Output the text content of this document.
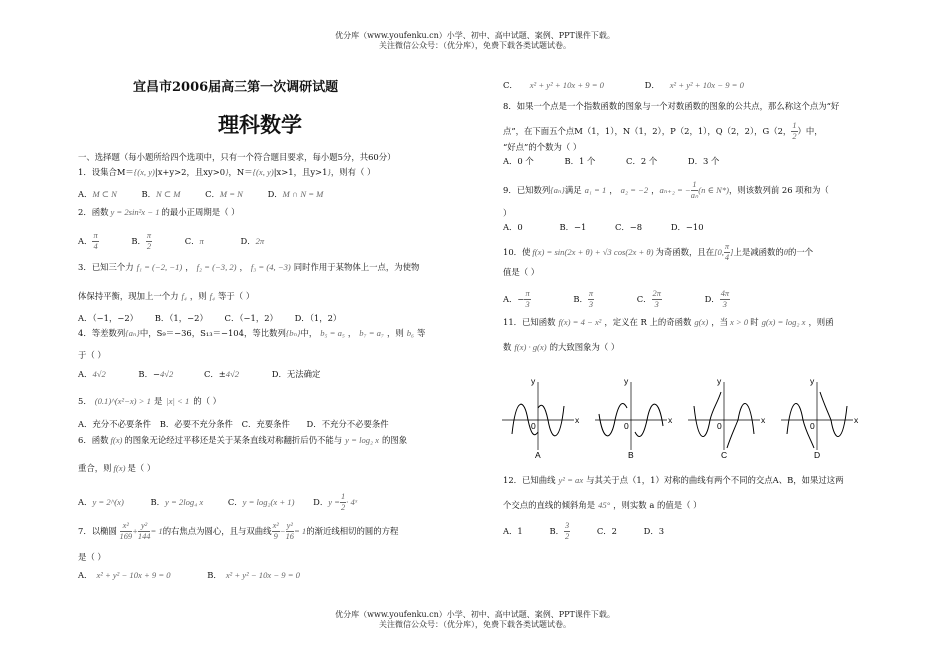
优分库（www.youfenku.cn）小学、初中、高中试题、案例、PPT课件下载。
关注微信公众号：（优分库），免费下载各类试题试卷。
宜昌市2006届高三第一次调研试题
理科数学
一、选择题（每小题所给四个选项中，只有一个符合题目要求，每小题5分，共60分）
1．设集合M＝{(x, y)|x+y>2，且xy>0}，N＝{(x, y)|x>1，且y>1}，则有（ ）
A．M ⊂ N	B．N ⊂ M	C．M = N	D．M ∩ N = M
2．函数 y = 2sin²x − 1 的最小正周期是（ ）
A． $\frac{\pi}{4}$	B． $\frac{\pi}{2}$	C．π	D．2π
3．已知三个力 f₁ = (−2, −1) ， f₂ = (−3, 2) ， f₃ = (4, −3) 同时作用于某物体上一点，为使物
体保持平衡，现加上一个力 f₄ ，则 f₄ 等于（ ）
A．（−1，−2） B．（1，−2） C．（−1，2） D．（1，2）
4．等差数列{aₙ}中，S₉＝−36，S₁₃＝−104，等比数列{bₙ}中， b₅ = a₅ ， b₇ = a₇ ，则 b₆ 等
于（ ）
A．4√2	B．−4√2	C．±4√2	D．无法确定
5． (0.1)^(x²−x) > 1 是 |x| < 1 的（ ）
A．充分不必要条件 B．必要不充分条件 C．充要条件 D．不充分不必要条件
6．函数 f(x) 的图象无论经过平移还是关于某条直线对称翻折后仍不能与 y = log₂ x 的图象
重合，则 f(x) 是（ ）
A．y = 2^(x)	B．y = 2log₄ x	C．y = log₂(x + 1) D．$y = \frac{1}{2}$ · 4ˣ
7．以椭圆 $\frac{\text{x²}}{169} + \frac{\text{y²}}{144} = 1$的右焦点为圆心，且与双曲线 $\frac{\text{x²}}{9} - \frac{\text{y²}}{16} = 1$的渐近线相切的圆的方程
是（ ）
A． x² + y² − 10x + 9 = 0	B． x² + y² − 10x − 9 = 0
C． x² + y² + 10x + 9 = 0	D． x² + y² + 10x − 9 = 0
8．如果一个点是一个指数函数的图象与一个对数函数的图象的公共点，那么称这个点为“好
点”，在下面五个点M（1，1），N（1，2），P（2，1），Q（2，2），G（2， $\frac{1}{2}$ ）中，
“好点”的个数为（ ）
A．0 个	B．1 个	C．2 个	D．3 个
9．已知数列{aₙ}满足 a₁ = 1 ， a₂ = −2 ，aₙ₊₂ = − $\frac{1}{\text{aₙ}} (n$ ∈ N*)，则该数列前 26 项和为（
）
A．0	B．−1	C．−8	D．−10
10．使 f(x) = sin(2x + θ) + √3 cos(2x + θ) 为奇函数，且在[0, $\frac{\pi}{4}$ ]上是减函数的θ的一个
值是（ ）
A．− $\frac{\pi}{3}$	B． $\frac{\pi}{3}$	C． $\frac{2\pi}{3}$	D． $\frac{4\pi}{3}$
11．已知函数 f(x) = 4 − x² ，定义在 R 上的奇函数 g(x) ，当 x > 0 时 g(x) = log₂ x ，则函
数 f(x) · g(x) 的大致图象为（ ）
y
x
0
A
y
x
0
B
y
x
0
C
y
x
0
D
12．已知曲线 y² = ax 与其关于点（1，1）对称的曲线有两个不同的交点A、B，如果过这两
个交点的直线的倾斜角是 45° ，则实数 a 的值是（ ）
A．1	B． $\frac{3}{2}$	C．2	D．3
优分库（www.youfenku.cn）小学、初中、高中试题、案例、PPT课件下载。
关注微信公众号：（优分库），免费下载各类试题试卷。
